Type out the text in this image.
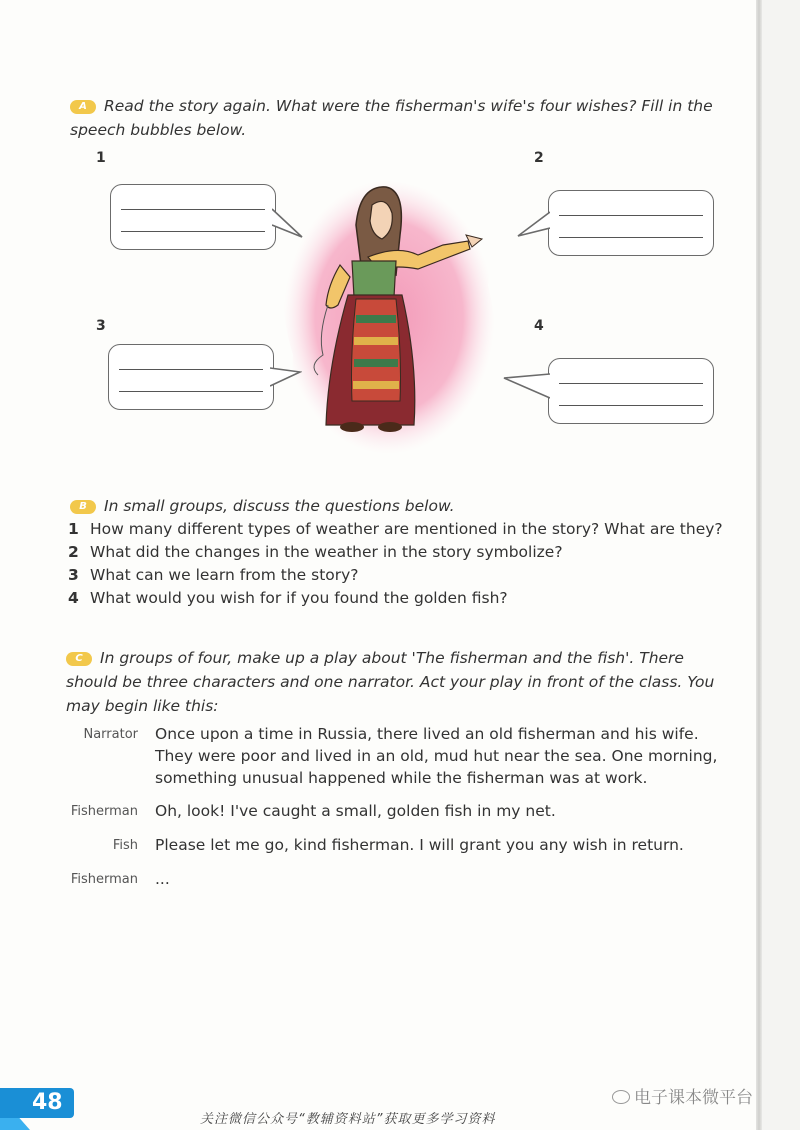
A Read the story again. What were the fisherman's wife's four wishes? Fill in the speech bubbles below.
1	2
3	4
B In small groups, discuss the questions below.
1 How many different types of weather are mentioned in the story? What are they?
2 What did the changes in the weather in the story symbolize?
3 What can we learn from the story?
4 What would you wish for if you found the golden fish?
C In groups of four, make up a play about 'The fisherman and the fish'. There should be three characters and one narrator. Act your play in front of the class. You may begin like this:
Narrator	Once upon a time in Russia, there lived an old fisherman and his wife. They were poor and lived in an old, mud hut near the sea. One morning, something unusual happened while the fisherman was at work.
Fisherman	Oh, look! I've caught a small, golden fish in my net.
Fish	Please let me go, kind fisherman. I will grant you any wish in return.
Fisherman	...
48	电子课本微平台
关注微信公众号“教辅资料站”获取更多学习资料
